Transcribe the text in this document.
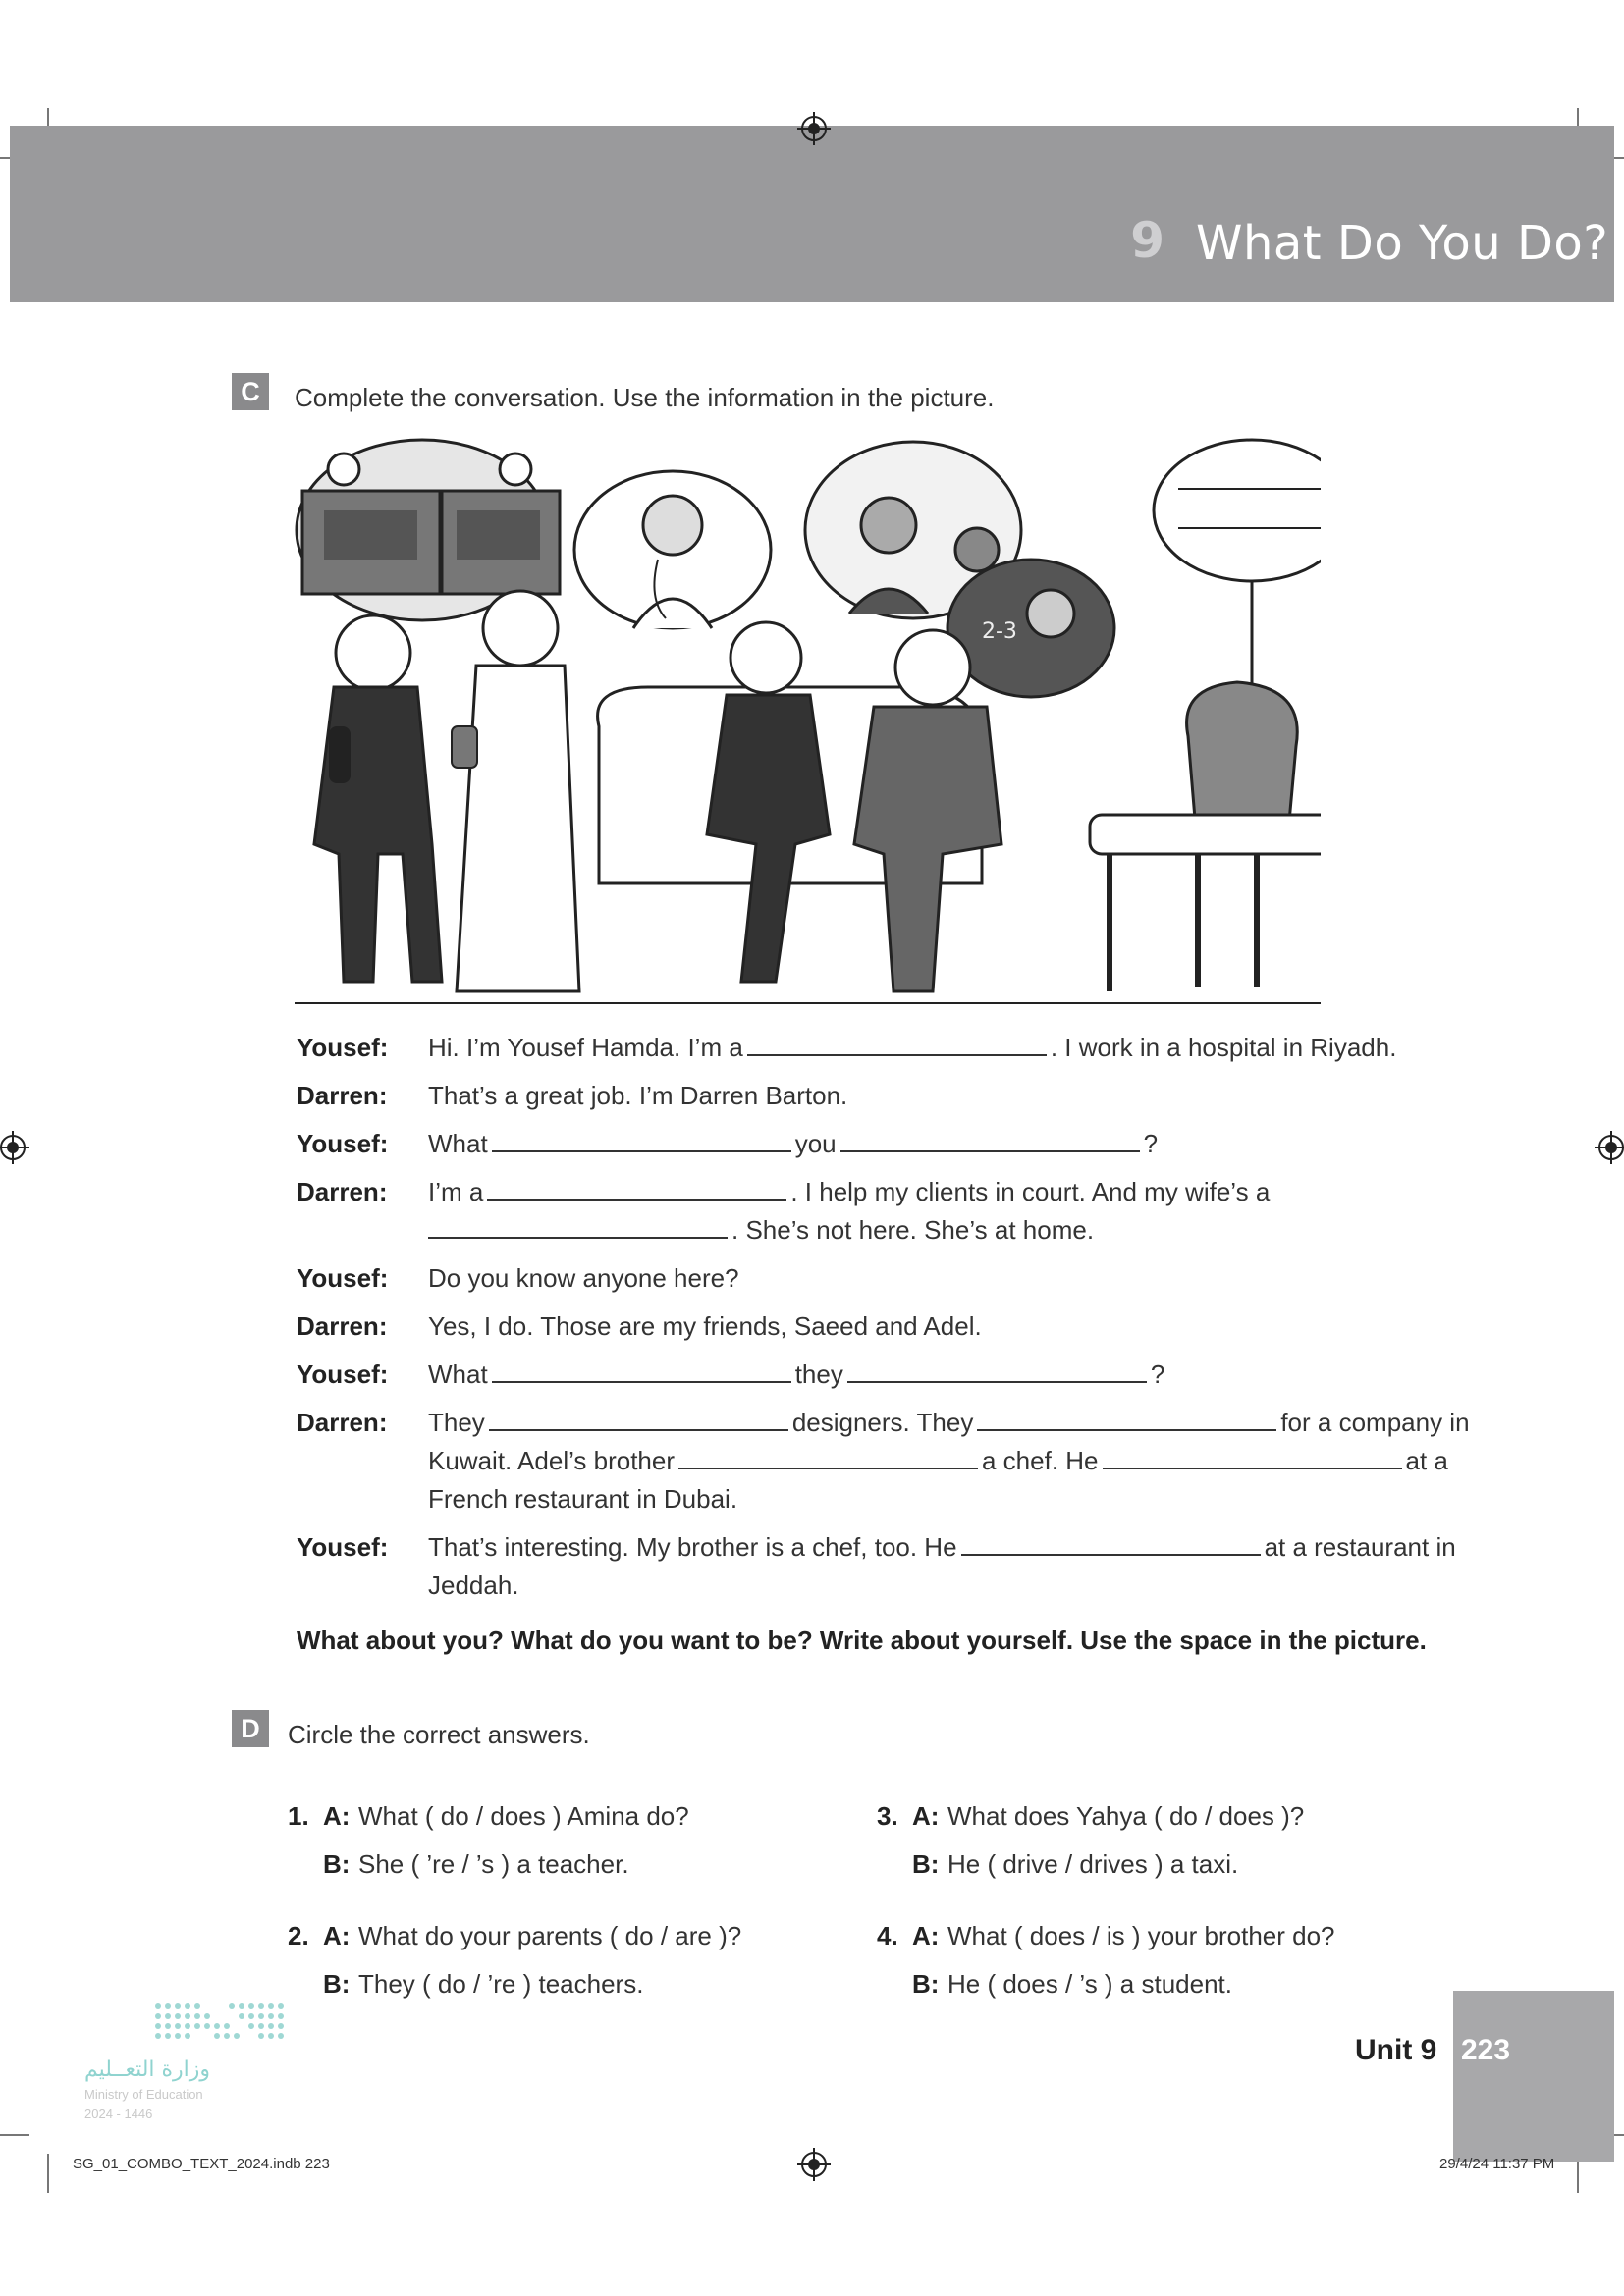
9 What Do You Do?
C	Complete the conversation. Use the information in the picture.
2-3
Yousef:	Hi. I’m Yousef Hamda. I’m a	. I work in a hospital in Riyadh.
Darren:	That’s a great job. I’m Darren Barton.
Yousef:	What	you	?
Darren:	I’m a	. I help my clients in court. And my wife’s a
. She’s not here. She’s at home.
Yousef:	Do you know anyone here?
Darren:	Yes, I do. Those are my friends, Saeed and Adel.
Yousef:	What	they	?
Darren:	They	designers. They	for a company in Kuwait. Adel’s brother	a chef. He	at a French restaurant in Dubai.
Yousef:	That’s interesting. My brother is a chef, too. He	at a restaurant in Jeddah.
What about you? What do you want to be? Write about yourself. Use the space in the picture.
D	Circle the correct answers.
1. A: What ( do / does ) Amina do?
B: She ( ’re / ’s ) a teacher.
2. A: What do your parents ( do / are )?
B: They ( do / ’re ) teachers.
3. A: What does Yahya ( do / does )?
B: He ( drive / drives ) a taxi.
4. A: What ( does / is ) your brother do?
B: He ( does / ’s ) a student.
وزارة التعــليم
Ministry of Education
2024 - 1446
Unit 9 223
SG_01_COMBO_TEXT_2024.indb 223	29/4/24 11:37 PM
